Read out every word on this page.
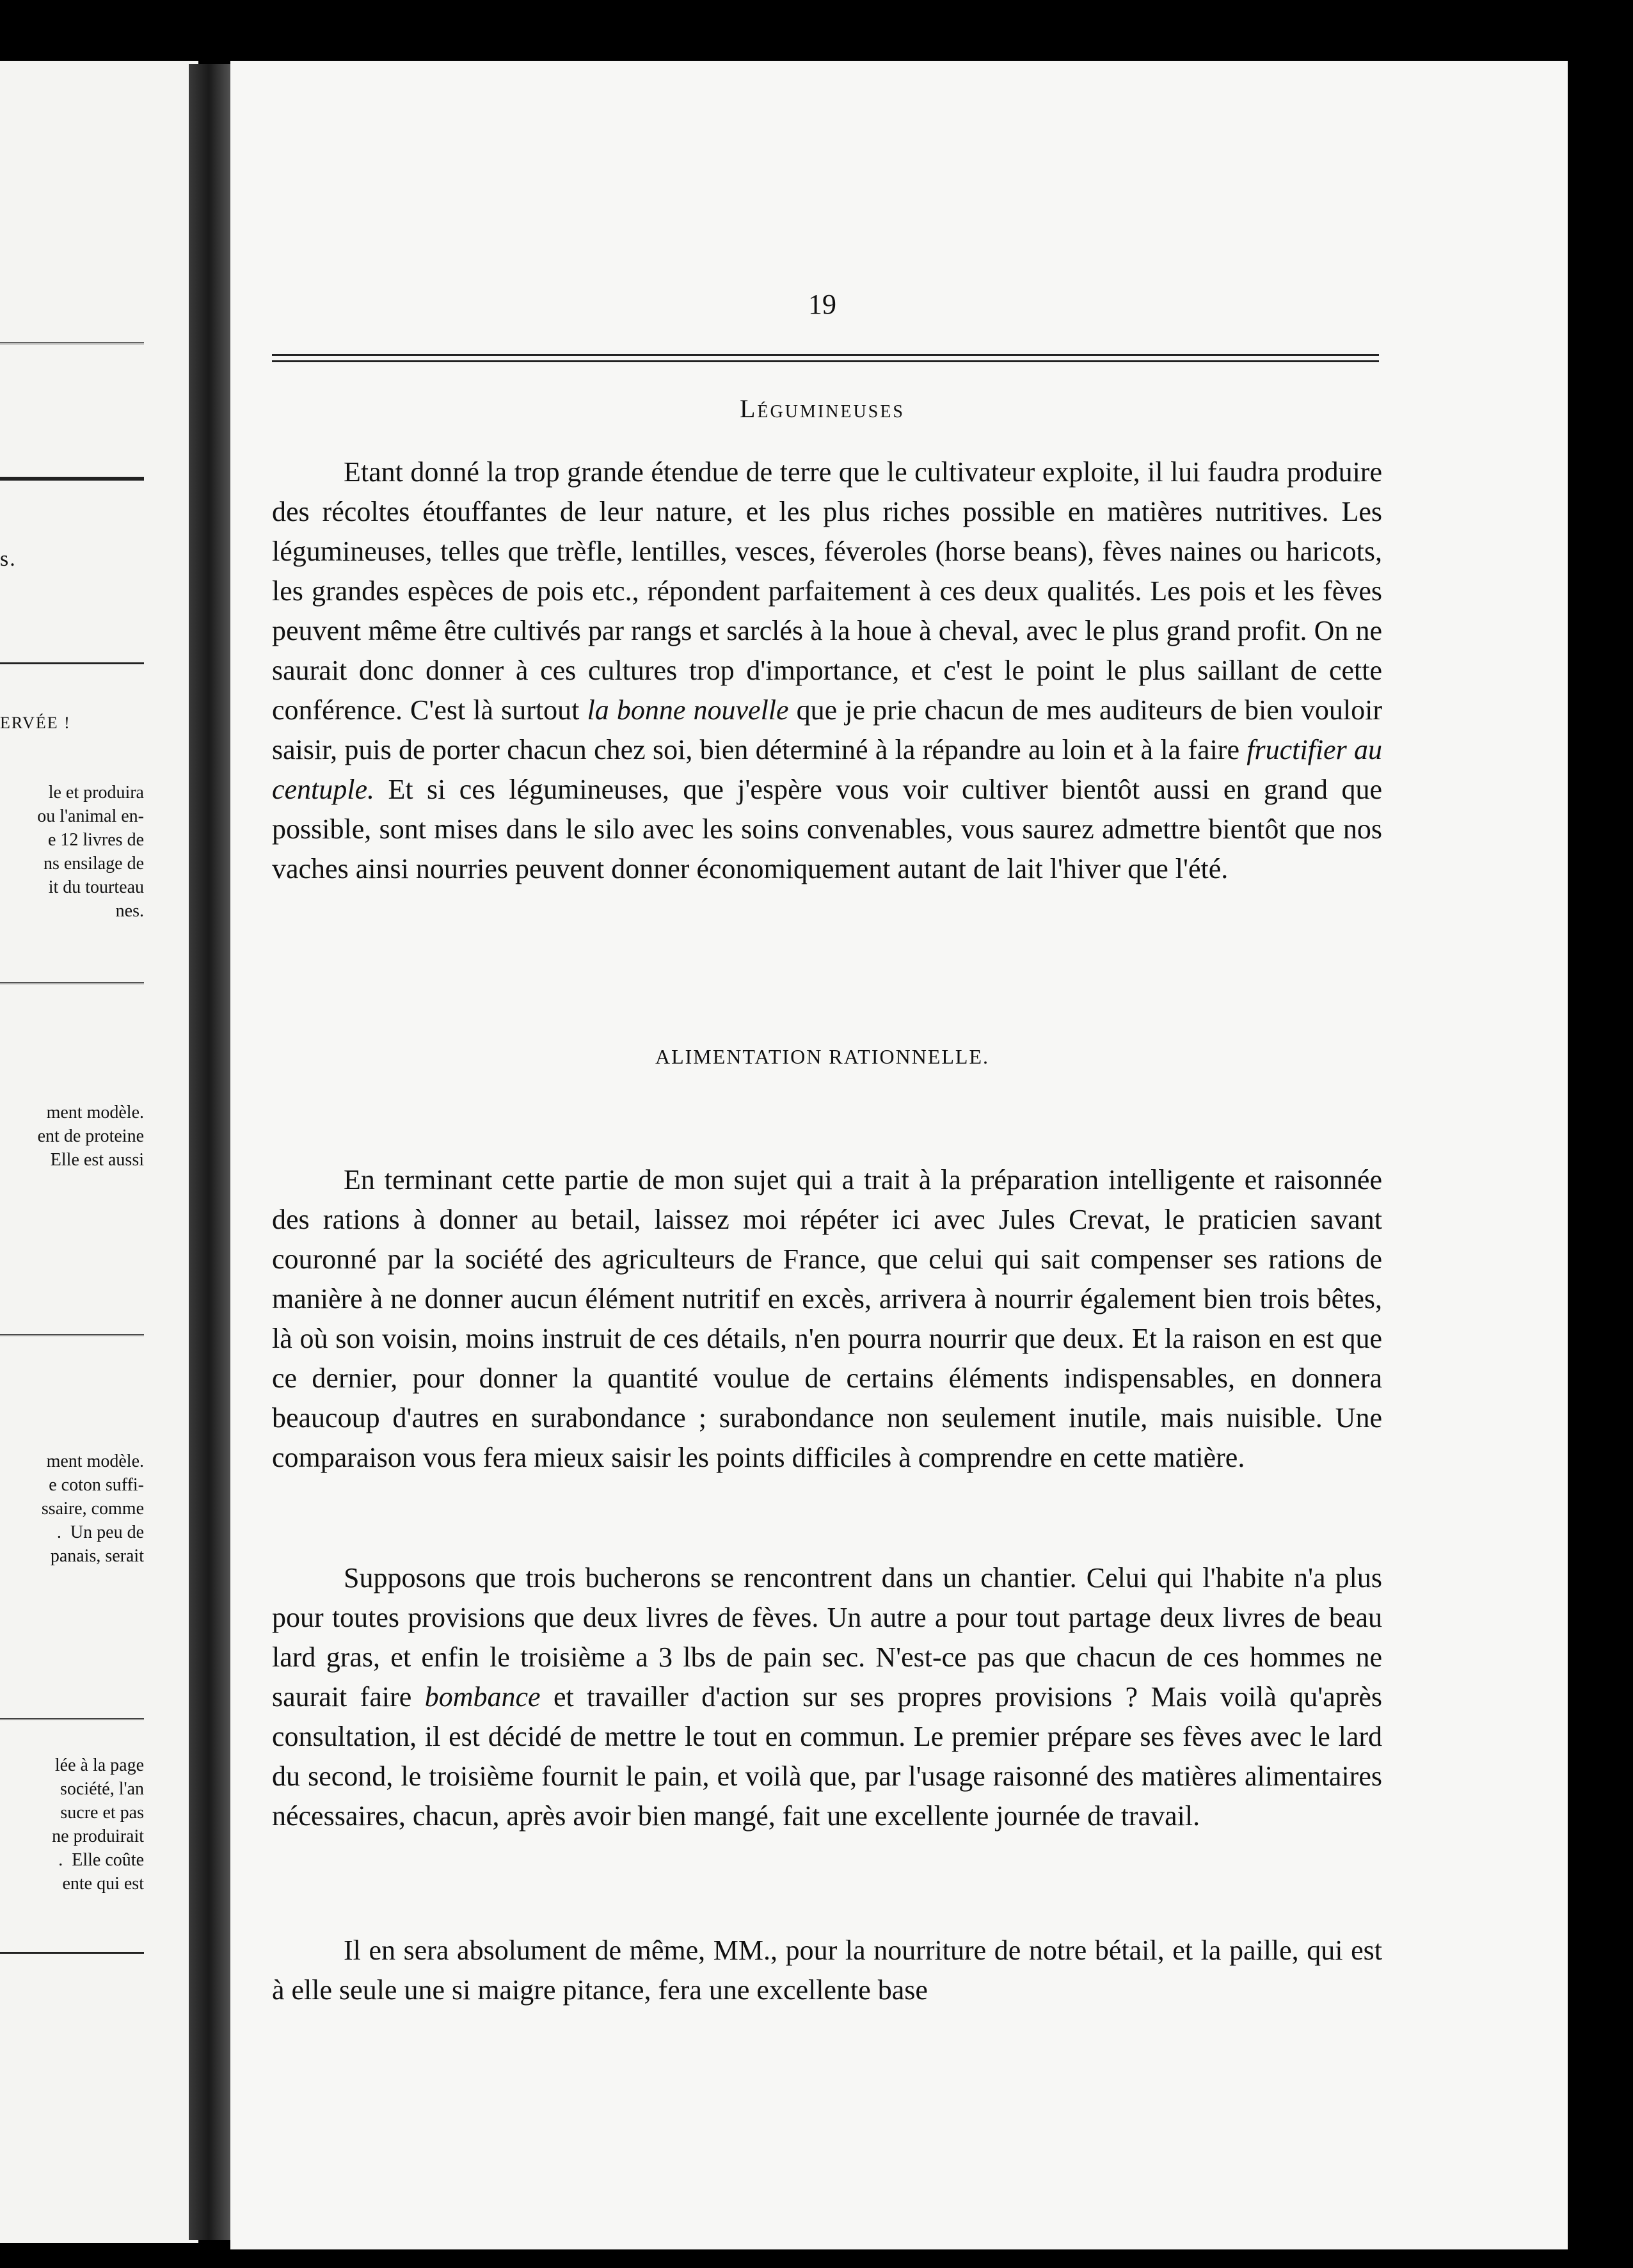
s.
ERVÉE !
le et produira
ou l'animal en-
e 12 livres de
ns ensilage de
it du tourteau
nes.
ment modèle.
ent de proteine
Elle est aussi
ment modèle.
e coton suffi-
ssaire, comme
.  Un peu de
panais, serait
lée à la page
société, l'an
sucre et pas
ne produirait
.  Elle coûte
ente qui est
19
Légumineuses

Etant donné la trop grande étendue de terre que le cultivateur exploite, il lui faudra produire des récoltes étouffantes de leur nature, et les plus riches possible en matières nutritives. Les légumineuses, telles que trèfle, lentilles, vesces, féveroles (horse beans), fèves naines ou haricots, les grandes espèces de pois etc., répondent parfaitement à ces deux qualités. Les pois et les fèves peuvent même être cultivés par rangs et sarclés à la houe à cheval, avec le plus grand profit. On ne saurait donc donner à ces cultures trop d'importance, et c'est le point le plus saillant de cette conférence. C'est là surtout la bonne nouvelle que je prie chacun de mes auditeurs de bien vouloir saisir, puis de porter chacun chez soi, bien déterminé à la répandre au loin et à la faire fructifier au centuple. Et si ces légumineuses, que j'espère vous voir cultiver bientôt aussi en grand que possible, sont mises dans le silo avec les soins convenables, vous saurez admettre bientôt que nos vaches ainsi nourries peuvent donner économiquement autant de lait l'hiver que l'été.

ALIMENTATION RATIONNELLE.

En terminant cette partie de mon sujet qui a trait à la préparation intelligente et raisonnée des rations à donner au betail, laissez moi répéter ici avec Jules Crevat, le praticien savant couronné par la société des agriculteurs de France, que celui qui sait compenser ses rations de manière à ne donner aucun élément nutritif en excès, arrivera à nourrir également bien trois bêtes, là où son voisin, moins instruit de ces détails, n'en pourra nourrir que deux. Et la raison en est que ce dernier, pour donner la quantité voulue de certains éléments indispensables, en donnera beaucoup d'autres en surabondance ; surabondance non seulement inutile, mais nuisible. Une comparaison vous fera mieux saisir les points difficiles à comprendre en cette matière.

Supposons que trois bucherons se rencontrent dans un chantier. Celui qui l'habite n'a plus pour toutes provisions que deux livres de fèves. Un autre a pour tout partage deux livres de beau lard gras, et enfin le troisième a 3 lbs de pain sec. N'est-ce pas que chacun de ces hommes ne saurait faire bombance et travailler d'action sur ses propres provisions ? Mais voilà qu'après consultation, il est décidé de mettre le tout en commun. Le premier prépare ses fèves avec le lard du second, le troisième fournit le pain, et voilà que, par l'usage raisonné des matières alimentaires nécessaires, chacun, après avoir bien mangé, fait une excellente journée de travail.

Il en sera absolument de même, MM., pour la nourriture de notre bétail, et la paille, qui est à elle seule une si maigre pitance, fera une excellente base
